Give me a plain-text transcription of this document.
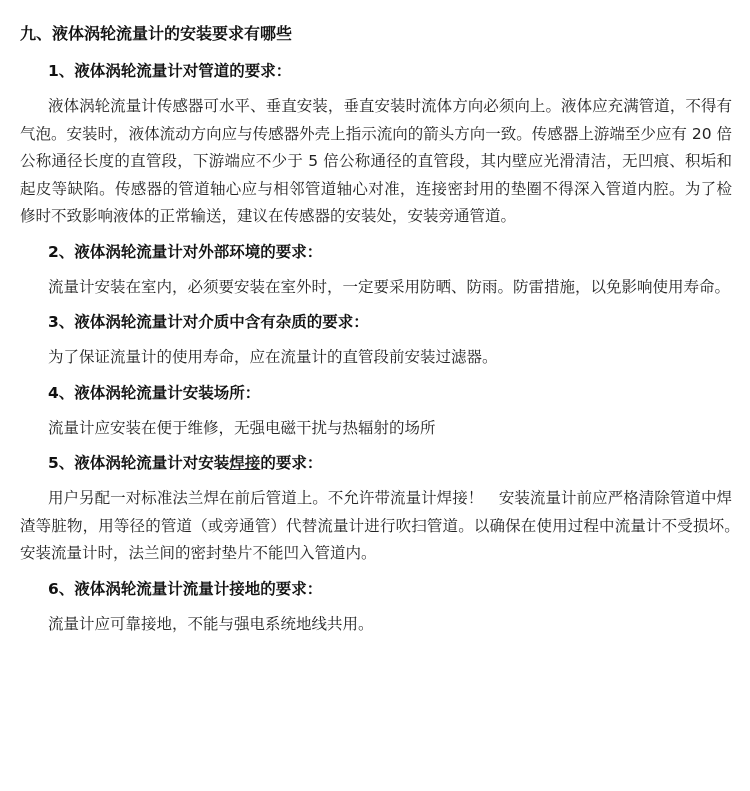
九、液体涡轮流量计的安装要求有哪些
1、液体涡轮流量计对管道的要求：
液体涡轮流量计传感器可水平、垂直安装，垂直安装时流体方向必须向上。液体应充满管道，不得有气泡。安装时，液体流动方向应与传感器外壳上指示流向的箭头方向一致。传感器上游端至少应有 20 倍公称通径长度的直管段，下游端应不少于 5 倍公称通径的直管段，其内壁应光滑清洁，无凹痕、积垢和起皮等缺陷。传感器的管道轴心应与相邻管道轴心对准，连接密封用的垫圈不得深入管道内腔。为了检修时不致影响液体的正常输送，建议在传感器的安装处，安装旁通管道。
2、液体涡轮流量计对外部环境的要求：
流量计安装在室内，必须要安装在室外时，一定要采用防晒、防雨。防雷措施，以免影响使用寿命。
3、液体涡轮流量计对介质中含有杂质的要求：
为了保证流量计的使用寿命，应在流量计的直管段前安装过滤器。
4、液体涡轮流量计安装场所：
流量计应安装在便于维修，无强电磁干扰与热辐射的场所
5、液体涡轮流量计对安装焊接的要求：
用户另配一对标准法兰焊在前后管道上。不允许带流量计焊接！　安装流量计前应严格清除管道中焊渣等脏物，用等径的管道（或旁通管）代替流量计进行吹扫管道。以确保在使用过程中流量计不受损坏。　安装流量计时，法兰间的密封垫片不能凹入管道内。
6、液体涡轮流量计流量计接地的要求：
流量计应可靠接地，不能与强电系统地线共用。
